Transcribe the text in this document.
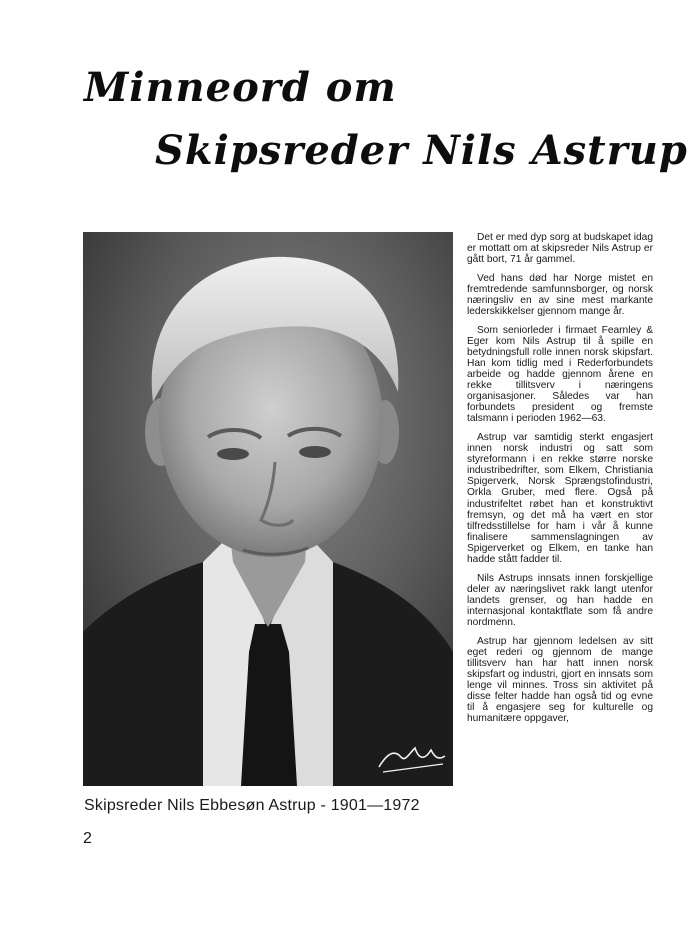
Minneord om
Skipsreder Nils Astrup
Skipsreder Nils Ebbesøn Astrup - 1901—1972
2

Det er med dyp sorg at budskapet idag er mottatt om at skipsreder Nils Astrup er gått bort, 71 år gammel.

Ved hans død har Norge mistet en fremtredende samfunnsborger, og norsk næringsliv en av sine mest markante lederskikkelser gjennom mange år.

Som seniorleder i firmaet Fearnley & Eger kom Nils Astrup til å spille en betydningsfull rolle innen norsk skipsfart. Han kom tidlig med i Rederforbundets arbeide og hadde gjennom årene en rekke tillitsverv i næringens organisasjoner. Således var han forbundets president og fremste talsmann i perioden 1962—63.

Astrup var samtidig sterkt engasjert innen norsk industri og satt som styreformann i en rekke større norske industribedrifter, som Elkem, Christiania Spigerverk, Norsk Sprængstofindustri, Orkla Gruber, med flere. Også på industrifeltet røbet han et konstruktivt fremsyn, og det må ha vært en stor tilfredsstillelse for ham i vår å kunne finalisere sammenslagningen av Spigerverket og Elkem, en tanke han hadde stått fadder til.

Nils Astrups innsats innen forskjellige deler av næringslivet rakk langt utenfor landets grenser, og han hadde en internasjonal kontaktflate som få andre nordmenn.

Astrup har gjennom ledelsen av sitt eget rederi og gjennom de mange tillitsverv han har hatt innen norsk skipsfart og industri, gjort en innsats som lenge vil minnes. Tross sin aktivitet på disse felter hadde han også tid og evne til å engasjere seg for kulturelle og humanitære oppgaver,
